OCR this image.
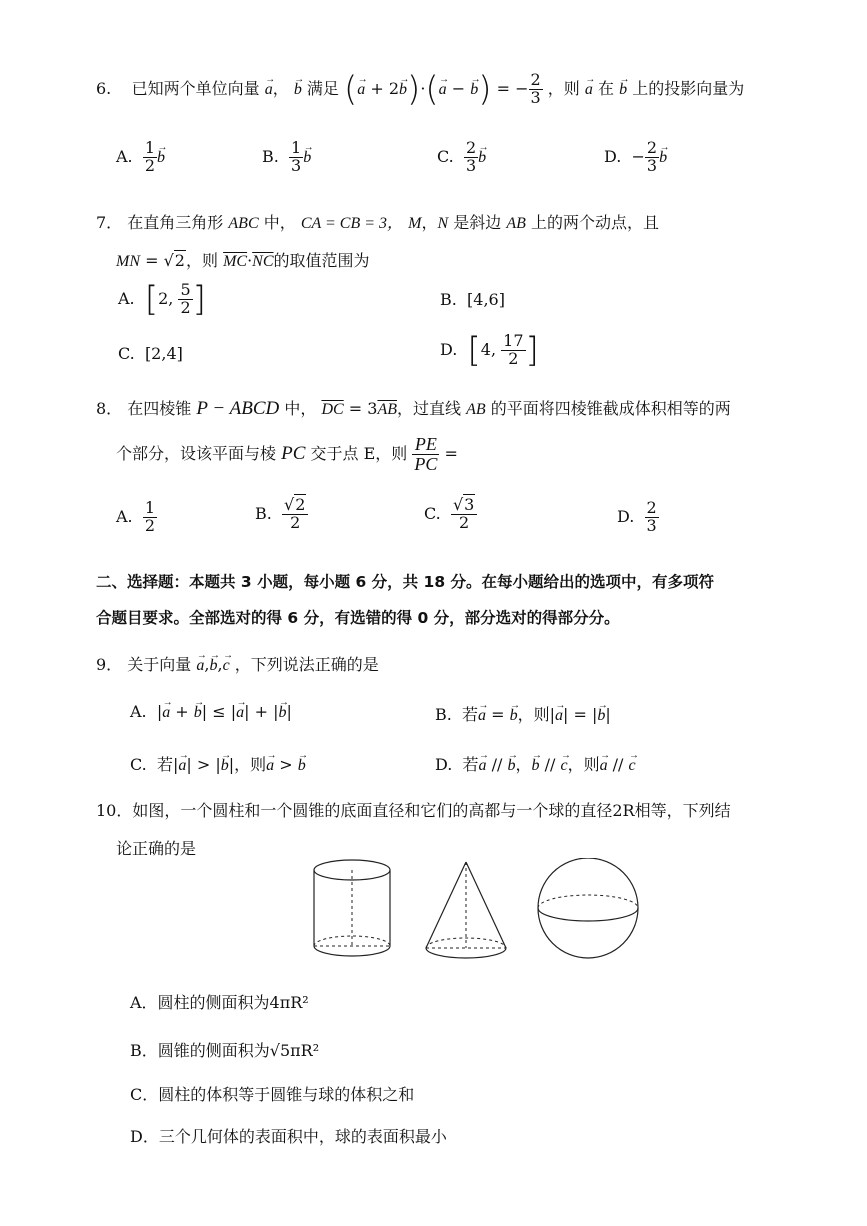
6. 已知两个单位向量 → a， → b 满足 (→ a + 2→ b)·(→ a − → b) = − $\frac{2}{3}$ ，则 → a 在 → b 上的投影向量为
A. $\frac{1}{2} \to b$	B. $\frac{1}{3} \to b$	C. $\frac{2}{3} \to b$	D.  − $\frac{2}{3} \to b$
7． 在直角三角形 ABC 中， CA = CB = 3， M，N 是斜边 AB 上的两个动点，且
MN = √2，则 $\overline{MC}\cdot\overline{NC}$的取值范围为
A. [2, $\frac{5}{2}$ ]	B. [4,6]
C. [2,4]	D. [4, $\frac{17}{2}$ ]
8． 在四棱锥 P − ABCD 中， $\overline{DC} = 3\overline{AB}$，过直线 AB 的平面将四棱锥截成体积相等的两
个部分，设该平面与棱 PC 交于点 E，则 $\frac{PE}{PC}$ =
A. $\frac{1}{2}$	B. $\frac{√2}{2}$	C. $\frac{√3}{2}$	D. $\frac{2}{3}$
二、选择题：本题共 3 小题，每小题 6 分，共 18 分。在每小题给出的选项中，有多项符
合题目要求。全部选对的得 6 分，有选错的得 0 分，部分选对的得部分分。
9． 关于向量 → a,→ b,→ c ，下列说法正确的是
A.  |→ a + → b| ≤ |→ a| + |→ b|	B. 若→ a = → b，则|→ a| = |→ b|
C. 若|→ a| > |→ b|，则→ a > → b	D. 若→ a // → b，→ b // → c，则→ a // → c
10．如图，一个圆柱和一个圆锥的底面直径和它们的高都与一个球的直径2R相等，下列结
论正确的是
A．圆柱的侧面积为4πR²
B．圆锥的侧面积为√5πR²
C．圆柱的体积等于圆锥与球的体积之和
D．三个几何体的表面积中，球的表面积最小
